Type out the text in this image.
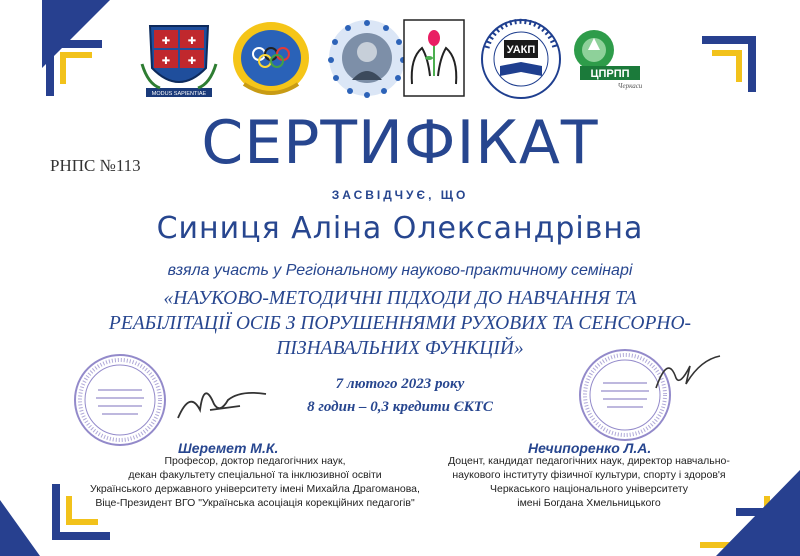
✚ ✚
✚ ✚
MODUS SAPIENTIAE
УАКП
ЦПРПП
Черкаси
РНПС №113	СЕРТИФІКАТ
ЗАСВІДЧУЄ, ЩО
Синиця Аліна Олександрівна
взяла участь у Регіональному науково-практичному семінарі
«НАУКОВО-МЕТОДИЧНІ ПІДХОДИ ДО НАВЧАННЯ ТА
РЕАБІЛІТАЦІЇ ОСІБ З ПОРУШЕННЯМИ РУХОВИХ ТА СЕНСОРНО-
ПІЗНАВАЛЬНИХ ФУНКЦІЙ»
7 лютого 2023 року
8 годин – 0,3 кредити ЄКТС
Шеремет М.К.
Професор, доктор педагогічних наук,
декан факультету спеціальної та інклюзивної освіти
Українського державного університету імені Михайла Драгоманова,
Віце-Президент ВГО "Українська асоціація корекційних педагогів"
Нечипоренко Л.А.
Доцент, кандидат педагогічних наук, директор навчально-
наукового інституту фізичної культури, спорту і здоров'я
Черкаського національного університету
імені Богдана Хмельницького
